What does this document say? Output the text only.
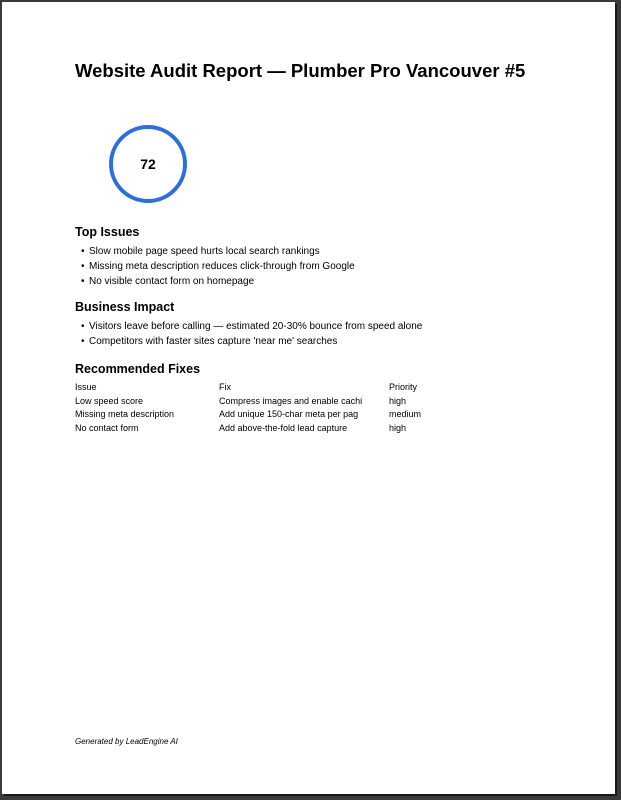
Website Audit Report — Plumber Pro Vancouver #5
72
Top Issues
• Slow mobile page speed hurts local search rankings
• Missing meta description reduces click-through from Google
• No visible contact form on homepage
Business Impact
• Visitors leave before calling — estimated 20-30% bounce from speed alone
• Competitors with faster sites capture 'near me' searches
Recommended Fixes
Issue	Fix	Priority
Low speed score	Compress images and enable cachi	high
Missing meta description	Add unique 150-char meta per pag	medium
No contact form	Add above-the-fold lead capture	high
Generated by LeadEngine AI
